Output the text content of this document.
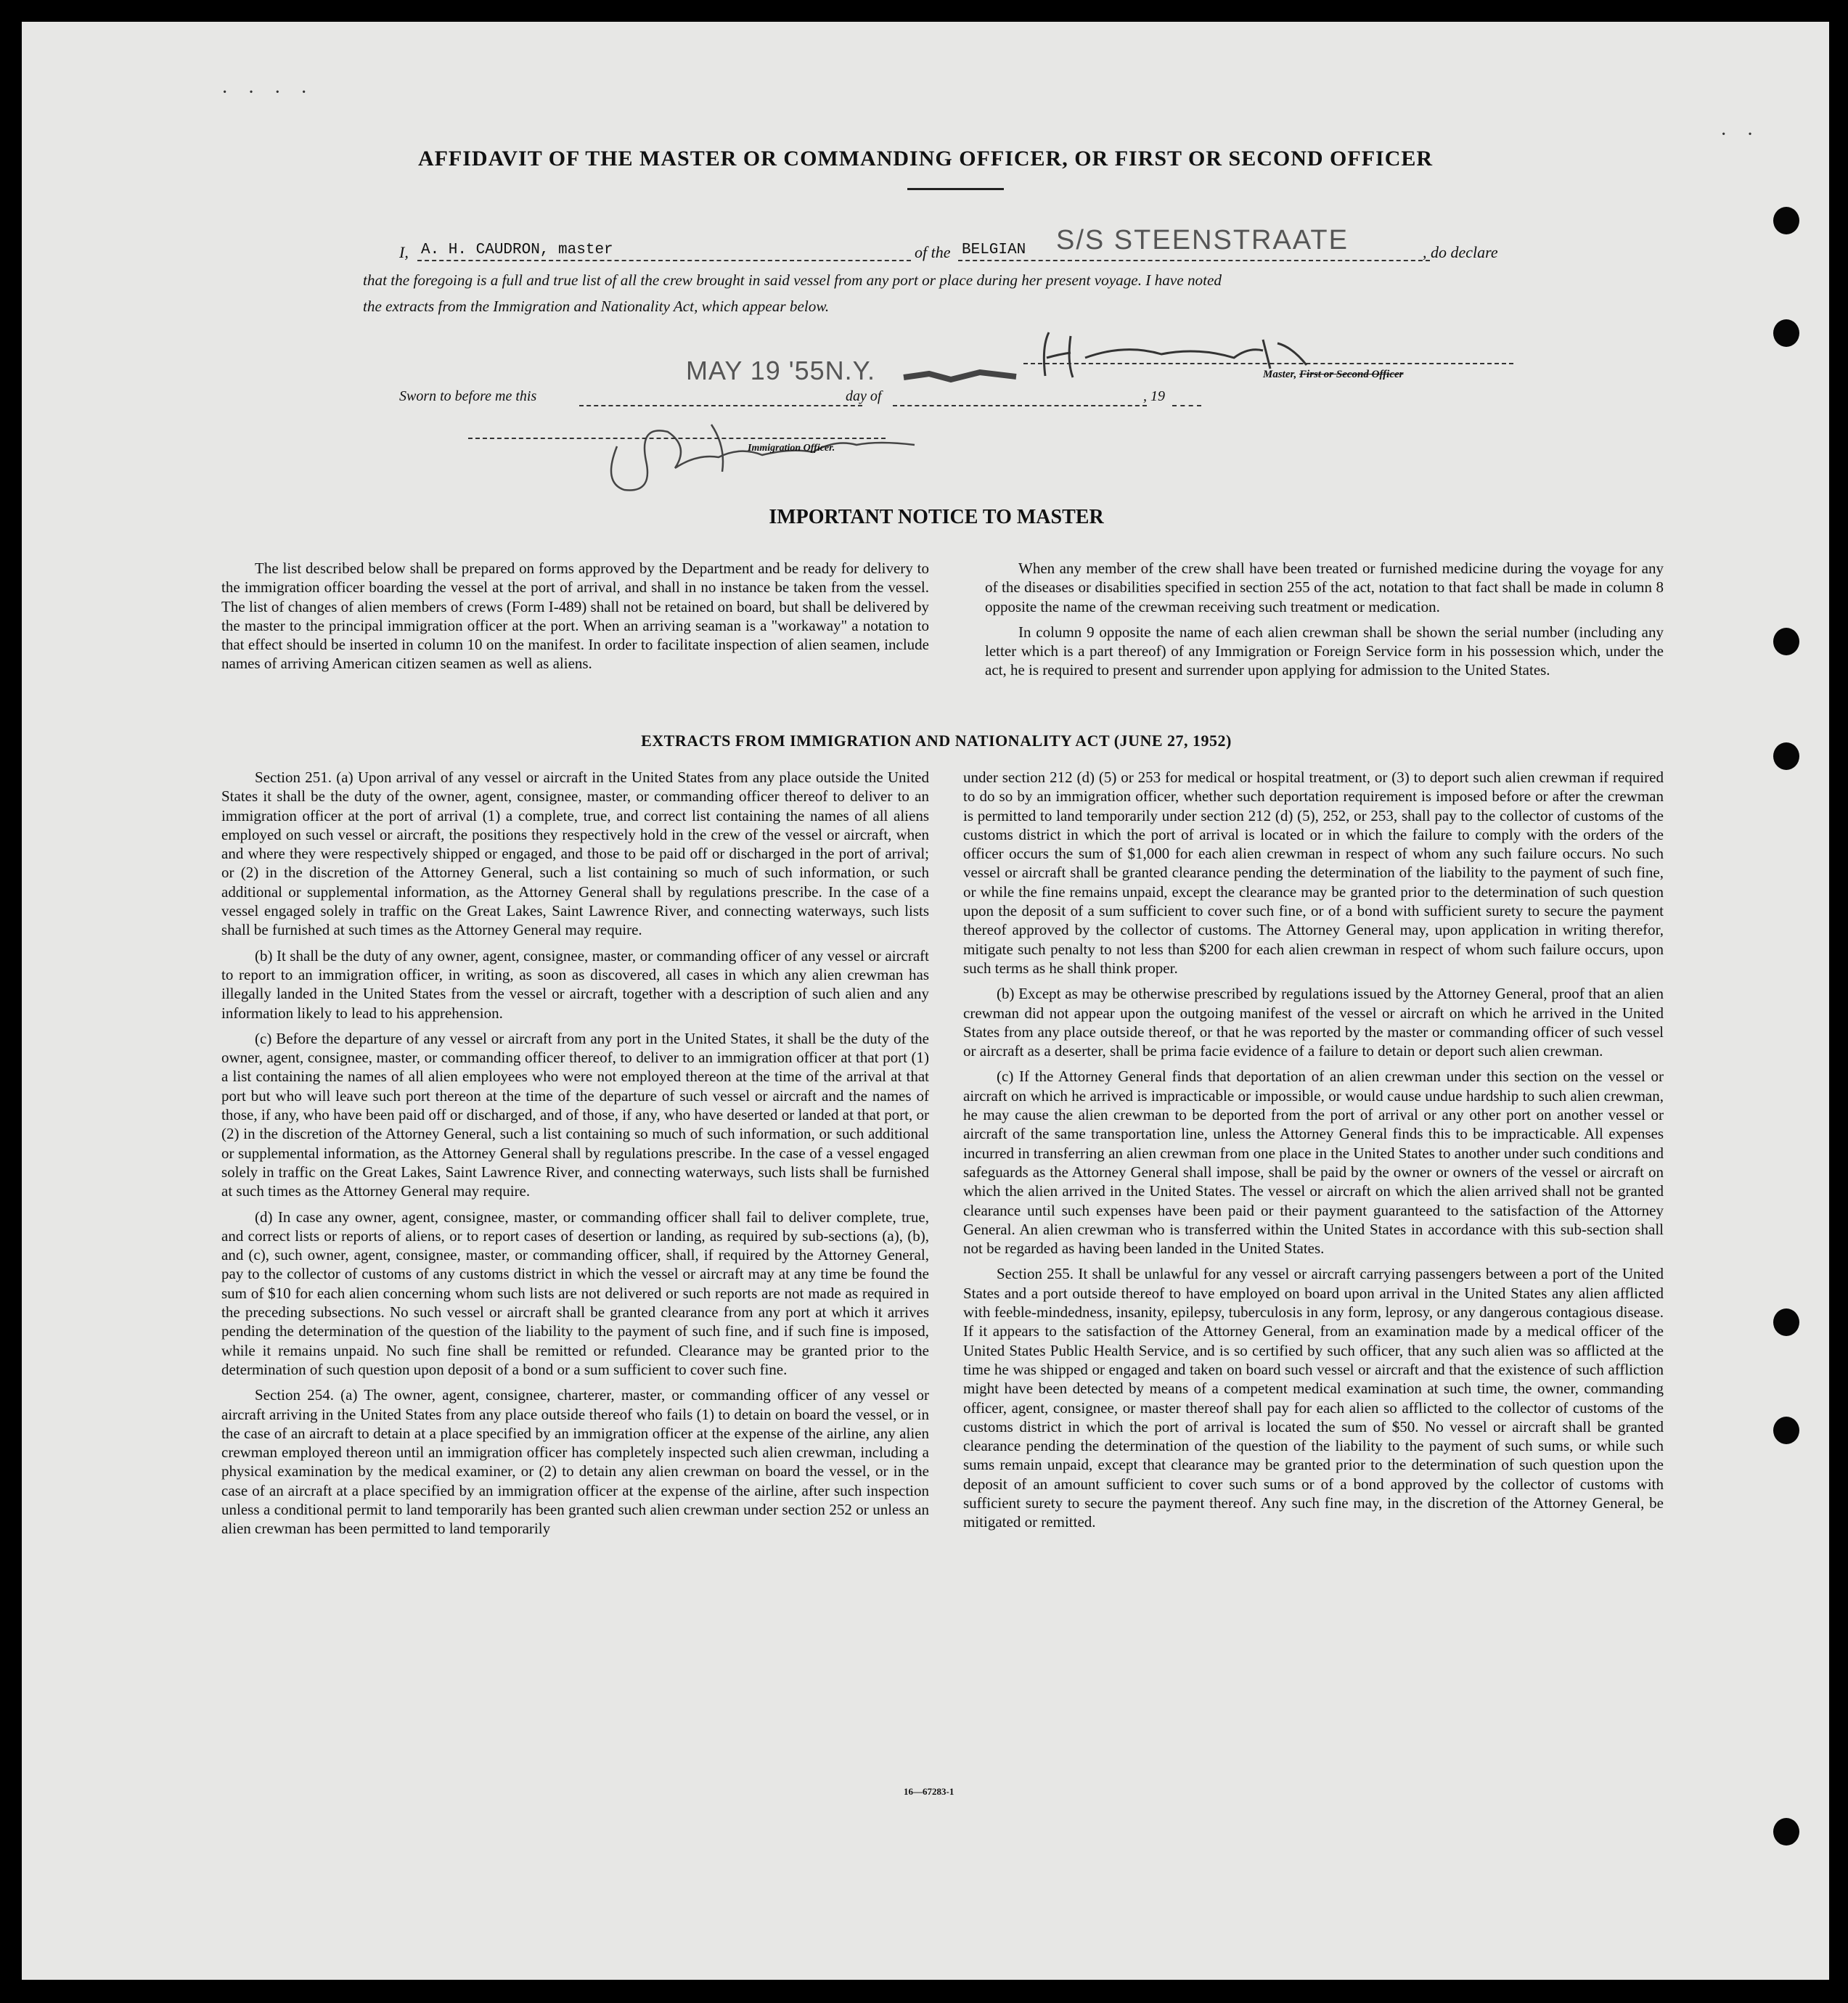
· · · ·
· ·
AFFIDAVIT OF THE MASTER OR COMMANDING OFFICER, OR FIRST OR SECOND OFFICER
I, A. H. CAUDRON, master	of the BELGIAN S/S STEENSTRAATE	, do declare
that the foregoing is a full and true list of all the crew brought in said vessel from any port or place during her present voyage. I have noted
the extracts from the Immigration and Nationality Act, which appear below.
MAY 19 '55N.Y.	Master, First or Second Officer
Sworn to before me this	day of	, 19
Immigration Officer.
IMPORTANT NOTICE TO MASTER

The list described below shall be prepared on forms approved by the Department and be ready for delivery to the immigration officer boarding the vessel at the port of arrival, and shall in no instance be taken from the vessel. The list of changes of alien members of crews (Form I-489) shall not be retained on board, but shall be delivered by the master to the principal immigration officer at the port. When an arriving seaman is a "workaway" a notation to that effect should be inserted in column 10 on the manifest. In order to facilitate inspection of alien seamen, include names of arriving American citizen seamen as well as aliens.

When any member of the crew shall have been treated or furnished medicine during the voyage for any of the diseases or disabilities specified in section 255 of the act, notation to that fact shall be made in column 8 opposite the name of the crewman receiving such treatment or medication.

In column 9 opposite the name of each alien crewman shall be shown the serial number (including any letter which is a part thereof) of any Immigration or Foreign Service form in his possession which, under the act, he is required to present and surrender upon applying for admission to the United States.

EXTRACTS FROM IMMIGRATION AND NATIONALITY ACT (JUNE 27, 1952)

Section 251. (a) Upon arrival of any vessel or aircraft in the United States from any place outside the United States it shall be the duty of the owner, agent, consignee, master, or commanding officer thereof to deliver to an immigration officer at the port of arrival (1) a complete, true, and correct list containing the names of all aliens employed on such vessel or aircraft, the positions they respectively hold in the crew of the vessel or aircraft, when and where they were respectively shipped or engaged, and those to be paid off or discharged in the port of arrival; or (2) in the discretion of the Attorney General, such a list containing so much of such information, or such additional or supplemental information, as the Attorney General shall by regulations prescribe. In the case of a vessel engaged solely in traffic on the Great Lakes, Saint Lawrence River, and connecting waterways, such lists shall be furnished at such times as the Attorney General may require.

(b) It shall be the duty of any owner, agent, consignee, master, or commanding officer of any vessel or aircraft to report to an immigration officer, in writing, as soon as discovered, all cases in which any alien crewman has illegally landed in the United States from the vessel or aircraft, together with a description of such alien and any information likely to lead to his apprehension.

(c) Before the departure of any vessel or aircraft from any port in the United States, it shall be the duty of the owner, agent, consignee, master, or commanding officer thereof, to deliver to an immigration officer at that port (1) a list containing the names of all alien employees who were not employed thereon at the time of the arrival at that port but who will leave such port thereon at the time of the departure of such vessel or aircraft and the names of those, if any, who have been paid off or discharged, and of those, if any, who have deserted or landed at that port, or (2) in the discretion of the Attorney General, such a list containing so much of such information, or such additional or supplemental information, as the Attorney General shall by regulations prescribe. In the case of a vessel engaged solely in traffic on the Great Lakes, Saint Lawrence River, and connecting waterways, such lists shall be furnished at such times as the Attorney General may require.

(d) In case any owner, agent, consignee, master, or commanding officer shall fail to deliver complete, true, and correct lists or reports of aliens, or to report cases of desertion or landing, as required by sub-sections (a), (b), and (c), such owner, agent, consignee, master, or commanding officer, shall, if required by the Attorney General, pay to the collector of customs of any customs district in which the vessel or aircraft may at any time be found the sum of $10 for each alien concerning whom such lists are not delivered or such reports are not made as required in the preceding subsections. No such vessel or aircraft shall be granted clearance from any port at which it arrives pending the determination of the question of the liability to the payment of such fine, and if such fine is imposed, while it remains unpaid. No such fine shall be remitted or refunded. Clearance may be granted prior to the determination of such question upon deposit of a bond or a sum sufficient to cover such fine.

Section 254. (a) The owner, agent, consignee, charterer, master, or commanding officer of any vessel or aircraft arriving in the United States from any place outside thereof who fails (1) to detain on board the vessel, or in the case of an aircraft to detain at a place specified by an immigration officer at the expense of the airline, any alien crewman employed thereon until an immigration officer has completely inspected such alien crewman, including a physical examination by the medical examiner, or (2) to detain any alien crewman on board the vessel, or in the case of an aircraft at a place specified by an immigration officer at the expense of the airline, after such inspection unless a conditional permit to land temporarily has been granted such alien crewman under section 252 or unless an alien crewman has been permitted to land temporarily

under section 212 (d) (5) or 253 for medical or hospital treatment, or (3) to deport such alien crewman if required to do so by an immigration officer, whether such deportation requirement is imposed before or after the crewman is permitted to land temporarily under section 212 (d) (5), 252, or 253, shall pay to the collector of customs of the customs district in which the port of arrival is located or in which the failure to comply with the orders of the officer occurs the sum of $1,000 for each alien crewman in respect of whom any such failure occurs. No such vessel or aircraft shall be granted clearance pending the determination of the liability to the payment of such fine, or while the fine remains unpaid, except the clearance may be granted prior to the determination of such question upon the deposit of a sum sufficient to cover such fine, or of a bond with sufficient surety to secure the payment thereof approved by the collector of customs. The Attorney General may, upon application in writing therefor, mitigate such penalty to not less than $200 for each alien crewman in respect of whom such failure occurs, upon such terms as he shall think proper.

(b) Except as may be otherwise prescribed by regulations issued by the Attorney General, proof that an alien crewman did not appear upon the outgoing manifest of the vessel or aircraft on which he arrived in the United States from any place outside thereof, or that he was reported by the master or commanding officer of such vessel or aircraft as a deserter, shall be prima facie evidence of a failure to detain or deport such alien crewman.

(c) If the Attorney General finds that deportation of an alien crewman under this section on the vessel or aircraft on which he arrived is impracticable or impossible, or would cause undue hardship to such alien crewman, he may cause the alien crewman to be deported from the port of arrival or any other port on another vessel or aircraft of the same transportation line, unless the Attorney General finds this to be impracticable. All expenses incurred in transferring an alien crewman from one place in the United States to another under such conditions and safeguards as the Attorney General shall impose, shall be paid by the owner or owners of the vessel or aircraft on which the alien arrived in the United States. The vessel or aircraft on which the alien arrived shall not be granted clearance until such expenses have been paid or their payment guaranteed to the satisfaction of the Attorney General. An alien crewman who is transferred within the United States in accordance with this sub-section shall not be regarded as having been landed in the United States.

Section 255. It shall be unlawful for any vessel or aircraft carrying passengers between a port of the United States and a port outside thereof to have employed on board upon arrival in the United States any alien afflicted with feeble-mindedness, insanity, epilepsy, tuberculosis in any form, leprosy, or any dangerous contagious disease. If it appears to the satisfaction of the Attorney General, from an examination made by a medical officer of the United States Public Health Service, and is so certified by such officer, that any such alien was so afflicted at the time he was shipped or engaged and taken on board such vessel or aircraft and that the existence of such affliction might have been detected by means of a competent medical examination at such time, the owner, commanding officer, agent, consignee, or master thereof shall pay for each alien so afflicted to the collector of customs of the customs district in which the port of arrival is located the sum of $50. No vessel or aircraft shall be granted clearance pending the determination of the question of the liability to the payment of such sums, or while such sums remain unpaid, except that clearance may be granted prior to the determination of such question upon the deposit of an amount sufficient to cover such sums or of a bond approved by the collector of customs with sufficient surety to secure the payment thereof. Any such fine may, in the discretion of the Attorney General, be mitigated or remitted.

16—67283-1
